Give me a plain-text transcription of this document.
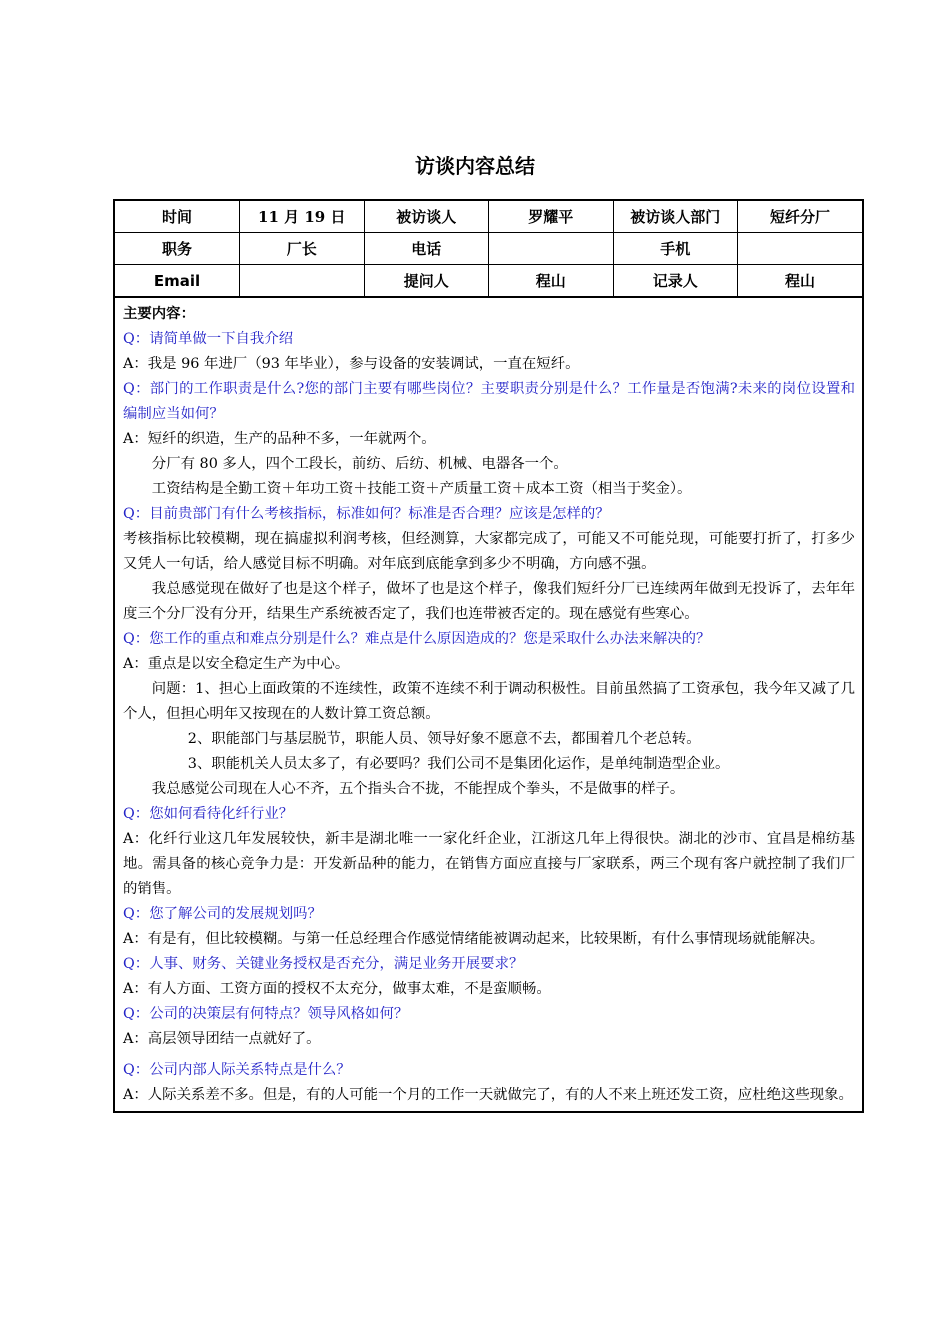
访谈内容总结
时间	11 月 19 日	被访谈人	罗耀平	被访谈人部门	短纤分厂
职务	厂长	电话		手机	
Email		提问人	程山	记录人	程山
主要内容：

Q：请简单做一下自我介绍

A：我是 96 年进厂（93 年毕业），参与设备的安装调试，一直在短纤。

Q：部门的工作职责是什么?您的部门主要有哪些岗位？主要职责分别是什么？工作量是否饱满?未来的岗位设置和编制应当如何？

A：短纤的织造，生产的品种不多，一年就两个。

分厂有 80 多人，四个工段长，前纺、后纺、机械、电器各一个。

工资结构是全勤工资＋年功工资＋技能工资＋产质量工资＋成本工资（相当于奖金）。

Q：目前贵部门有什么考核指标，标准如何？标准是否合理？应该是怎样的？

考核指标比较模糊，现在搞虚拟利润考核，但经测算，大家都完成了，可能又不可能兑现，可能要打折了，打多少又凭人一句话，给人感觉目标不明确。对年底到底能拿到多少不明确，方向感不强。

我总感觉现在做好了也是这个样子，做坏了也是这个样子，像我们短纤分厂已连续两年做到无投诉了，去年年度三个分厂没有分开，结果生产系统被否定了，我们也连带被否定的。现在感觉有些寒心。

Q：您工作的重点和难点分别是什么？难点是什么原因造成的？您是采取什么办法来解决的？

A：重点是以安全稳定生产为中心。

问题：1、担心上面政策的不连续性，政策不连续不利于调动积极性。目前虽然搞了工资承包，我今年又减了几个人，但担心明年又按现在的人数计算工资总额。

2、职能部门与基层脱节，职能人员、领导好象不愿意不去，都围着几个老总转。

3、职能机关人员太多了，有必要吗？我们公司不是集团化运作，是单纯制造型企业。

我总感觉公司现在人心不齐，五个指头合不拢，不能捏成个拳头，不是做事的样子。

Q：您如何看待化纤行业？

A：化纤行业这几年发展较快，新丰是湖北唯一一家化纤企业，江浙这几年上得很快。湖北的沙市、宜昌是棉纺基地。需具备的核心竞争力是：开发新品种的能力，在销售方面应直接与厂家联系，两三个现有客户就控制了我们厂的销售。

Q：您了解公司的发展规划吗？

A：有是有，但比较模糊。与第一任总经理合作感觉情绪能被调动起来，比较果断，有什么事情现场就能解决。

Q：人事、财务、关键业务授权是否充分，满足业务开展要求？

A：有人方面、工资方面的授权不太充分，做事太难，不是蛮顺畅。

Q：公司的决策层有何特点？领导风格如何？

A：高层领导团结一点就好了。

Q：公司内部人际关系特点是什么？

A：人际关系差不多。但是，有的人可能一个月的工作一天就做完了，有的人不来上班还发工资，应杜绝这些现象。
